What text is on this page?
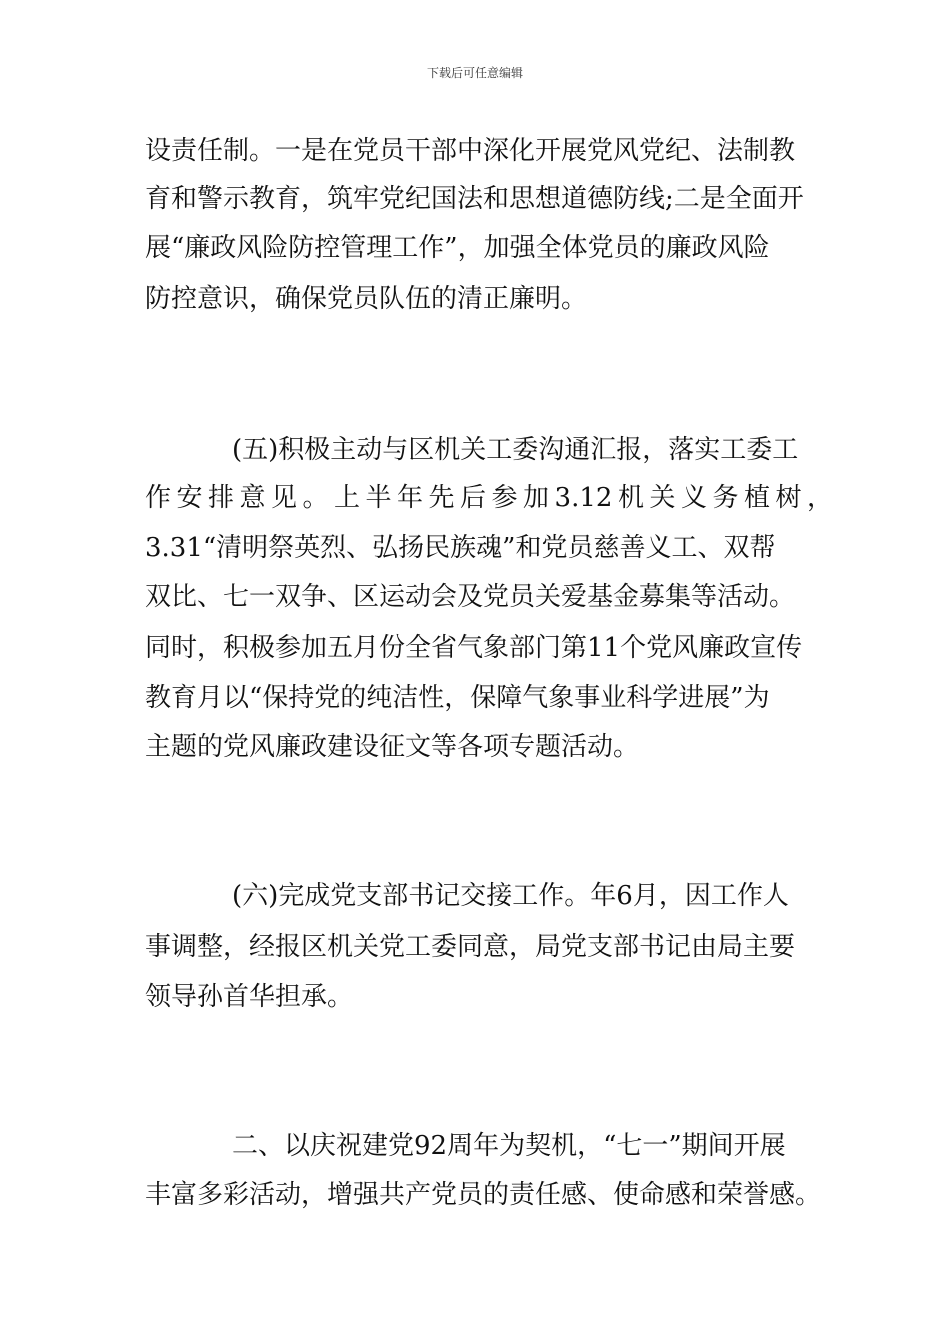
下载后可任意编辑
设责任制。一是在党员干部中深化开展党风党纪、法制教
育和警示教育，筑牢党纪国法和思想道德防线;二是全面开
展“廉政风险防控管理工作”，加强全体党员的廉政风险
防控意识，确保党员队伍的清正廉明。
(五)积极主动与区机关工委沟通汇报，落实工委工
作安排意见。上半年先后参加3.12机关义务植树，
3.31“清明祭英烈、弘扬民族魂”和党员慈善义工、双帮
双比、七一双争、区运动会及党员关爱基金募集等活动。
同时，积极参加五月份全省气象部门第11个党风廉政宣传
教育月以“保持党的纯洁性，保障气象事业科学进展”为
主题的党风廉政建设征文等各项专题活动。
(六)完成党支部书记交接工作。年6月，因工作人
事调整，经报区机关党工委同意，局党支部书记由局主要
领导孙首华担承。
二、以庆祝建党92周年为契机，“七一”期间开展
丰富多彩活动，增强共产党员的责任感、使命感和荣誉感。
